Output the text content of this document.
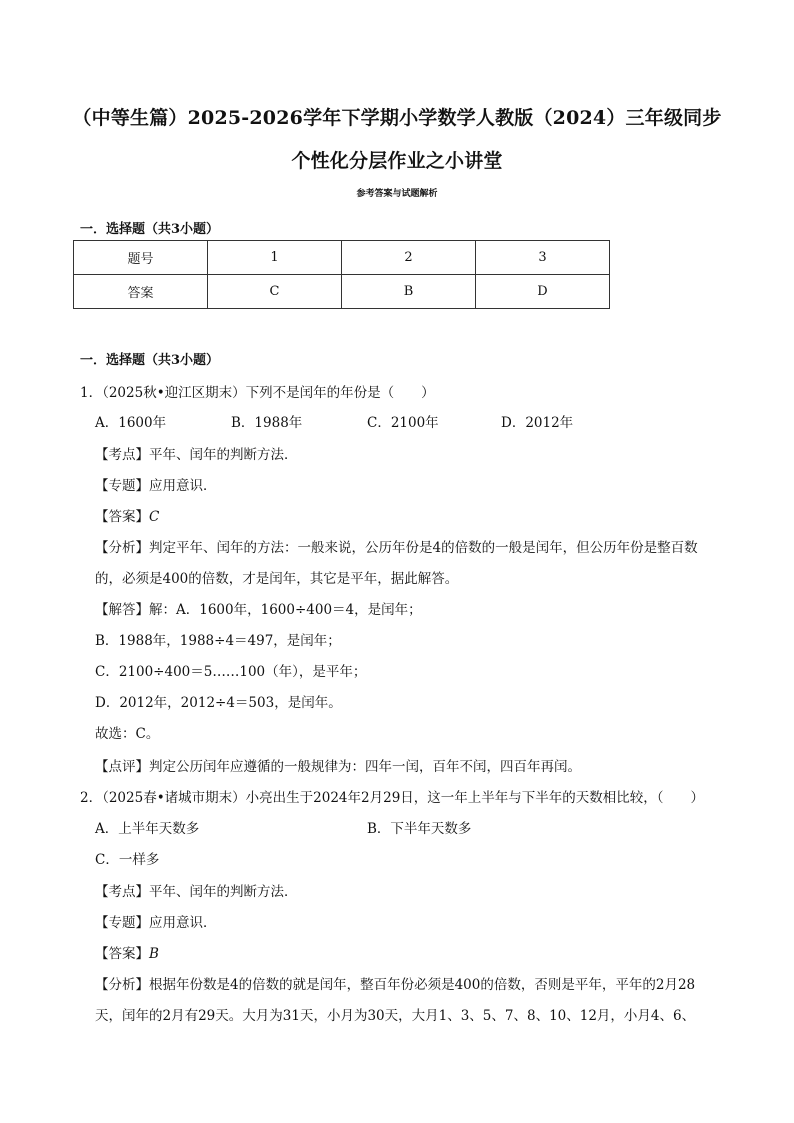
（中等生篇）2025-2026学年下学期小学数学人教版（2024）三年级同步
个性化分层作业之小讲堂
参考答案与试题解析
一．选择题（共3小题）
题号	1	2	3
答案	C	B	D
一．选择题（共3小题）
1．（2025秋•迎江区期末）下列不是闰年的年份是（　　）
A．1600年	B．1988年	C．2100年	D．2012年
【考点】平年、闰年的判断方法．
【专题】应用意识．
【答案】C
【分析】判定平年、闰年的方法：一般来说，公历年份是4的倍数的一般是闰年，但公历年份是整百数
的，必须是400的倍数，才是闰年，其它是平年，据此解答。
【解答】解：A．1600年，1600÷400＝4，是闰年；
B．1988年，1988÷4＝497，是闰年；
C．2100÷400＝5……100（年），是平年；
D．2012年，2012÷4＝503，是闰年。
故选：C。
【点评】判定公历闰年应遵循的一般规律为：四年一闰，百年不闰，四百年再闰。
2．（2025春•诸城市期末）小亮出生于2024年2月29日，这一年上半年与下半年的天数相比较，（　　）
A．上半年天数多	B．下半年天数多
C．一样多
【考点】平年、闰年的判断方法．
【专题】应用意识．
【答案】B
【分析】根据年份数是4的倍数的就是闰年，整百年份必须是400的倍数，否则是平年，平年的2月28
天，闰年的2月有29天。大月为31天，小月为30天，大月1、3、5、7、8、10、12月，小月4、6、
